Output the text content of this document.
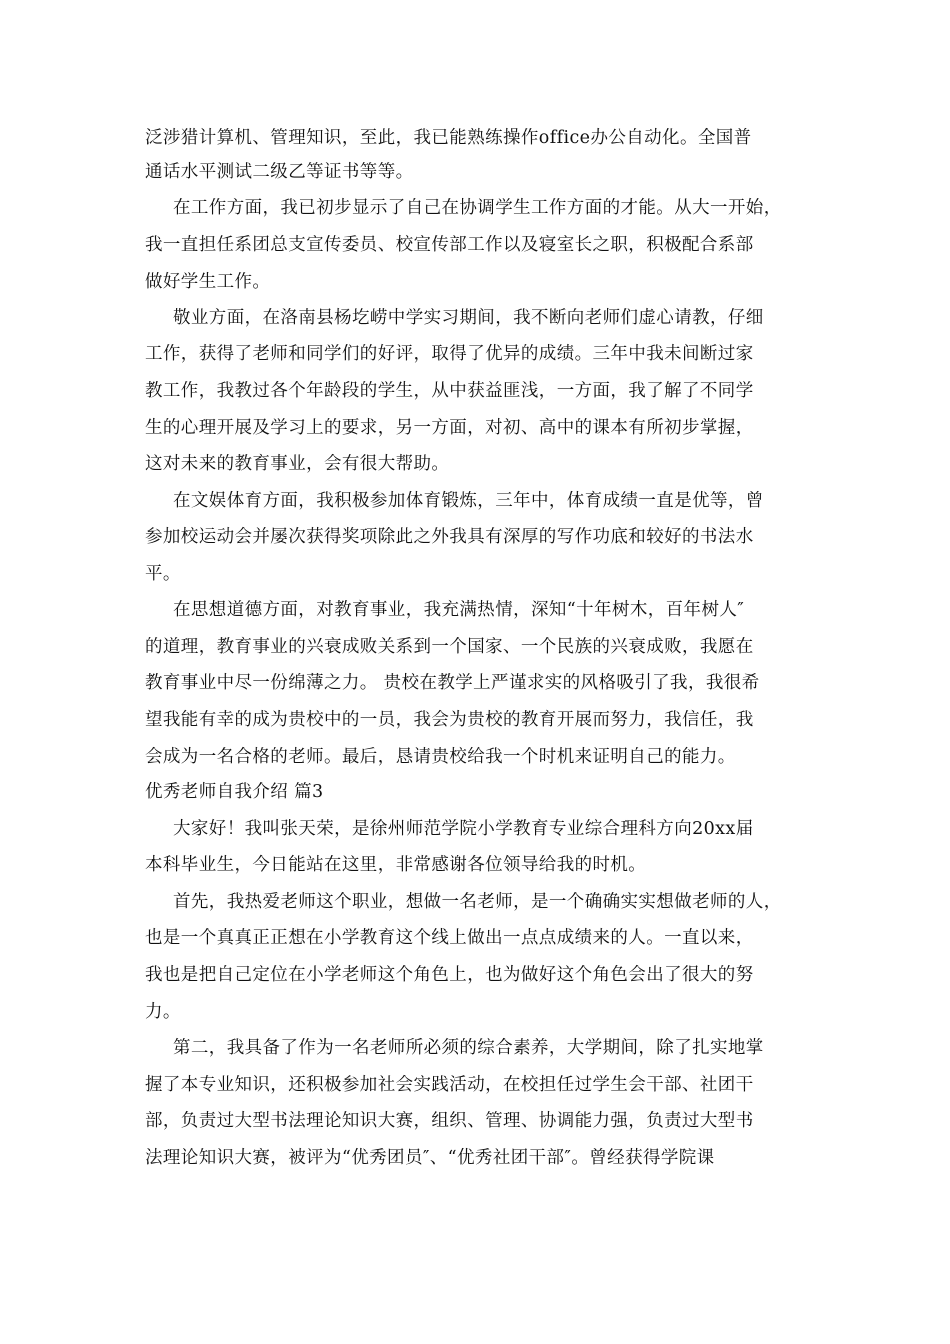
泛涉猎计算机、管理知识，至此，我已能熟练操作office办公自动化。全国普
通话水平测试二级乙等证书等等。
在工作方面，我已初步显示了自己在协调学生工作方面的才能。从大一开始，
我一直担任系团总支宣传委员、校宣传部工作以及寝室长之职，积极配合系部
做好学生工作。
敬业方面，在洛南县杨圪崂中学实习期间，我不断向老师们虚心请教，仔细
工作，获得了老师和同学们的好评，取得了优异的成绩。三年中我未间断过家
教工作，我教过各个年龄段的学生，从中获益匪浅，一方面，我了解了不同学
生的心理开展及学习上的要求，另一方面，对初、高中的课本有所初步掌握，
这对未来的教育事业，会有很大帮助。
在文娱体育方面，我积极参加体育锻炼，三年中，体育成绩一直是优等，曾
参加校运动会并屡次获得奖项除此之外我具有深厚的写作功底和较好的书法水
平。
在思想道德方面，对教育事业，我充满热情，深知“十年树木，百年树人″
的道理，教育事业的兴衰成败关系到一个国家、一个民族的兴衰成败，我愿在
教育事业中尽一份绵薄之力。 贵校在教学上严谨求实的风格吸引了我，我很希
望我能有幸的成为贵校中的一员，我会为贵校的教育开展而努力，我信任，我
会成为一名合格的老师。最后，恳请贵校给我一个时机来证明自己的能力。
优秀老师自我介绍 篇3
大家好！我叫张天荣，是徐州师范学院小学教育专业综合理科方向20xx届
本科毕业生，今日能站在这里，非常感谢各位领导给我的时机。
首先，我热爱老师这个职业，想做一名老师，是一个确确实实想做老师的人，
也是一个真真正正想在小学教育这个线上做出一点点成绩来的人。一直以来，
我也是把自己定位在小学老师这个角色上，也为做好这个角色会出了很大的努
力。
第二，我具备了作为一名老师所必须的综合素养，大学期间，除了扎实地掌
握了本专业知识，还积极参加社会实践活动，在校担任过学生会干部、社团干
部，负责过大型书法理论知识大赛，组织、管理、协调能力强，负责过大型书
法理论知识大赛，被评为“优秀团员″、“优秀社团干部″。曾经获得学院课
